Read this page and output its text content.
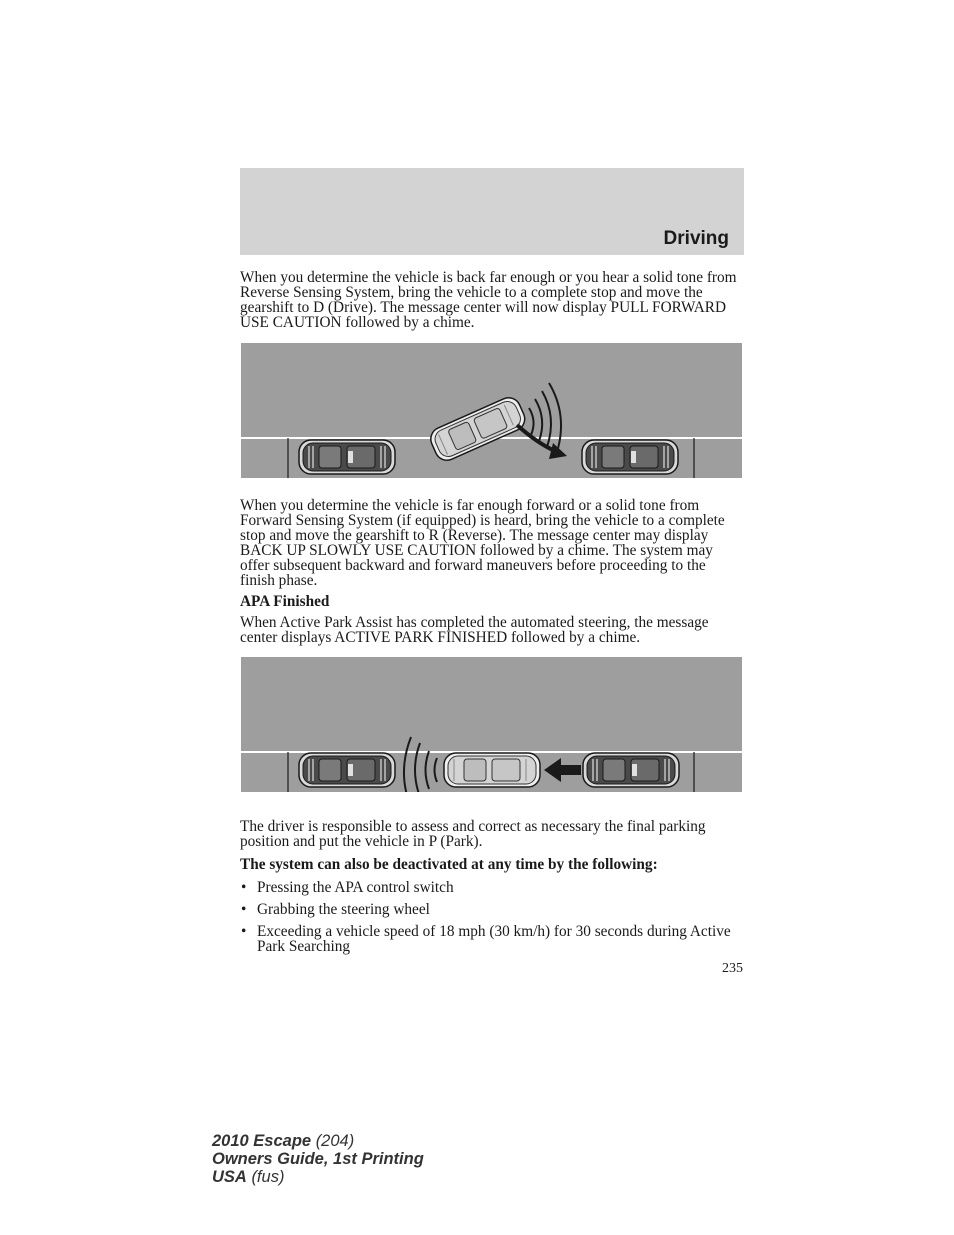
Driving

When you determine the vehicle is back far enough or you hear a solid tone from Reverse Sensing System, bring the vehicle to a complete stop and move the gearshift to D (Drive). The message center will now display PULL FORWARD USE CAUTION followed by a chime.

When you determine the vehicle is far enough forward or a solid tone from Forward Sensing System (if equipped) is heard, bring the vehicle to a complete stop and move the gearshift to R (Reverse). The message center may display BACK UP SLOWLY USE CAUTION followed by a chime. The system may offer subsequent backward and forward maneuvers before proceeding to the finish phase.

APA Finished

When Active Park Assist has completed the automated steering, the message center displays ACTIVE PARK FINISHED followed by a chime.

The driver is responsible to assess and correct as necessary the final parking position and put the vehicle in P (Park).

The system can also be deactivated at any time by the following:

• Pressing the APA control switch
• Grabbing the steering wheel
• Exceeding a vehicle speed of 18 mph (30 km/h) for 30 seconds during Active Park Searching
235
2010 Escape (204)
Owners Guide, 1st Printing
USA (fus)
